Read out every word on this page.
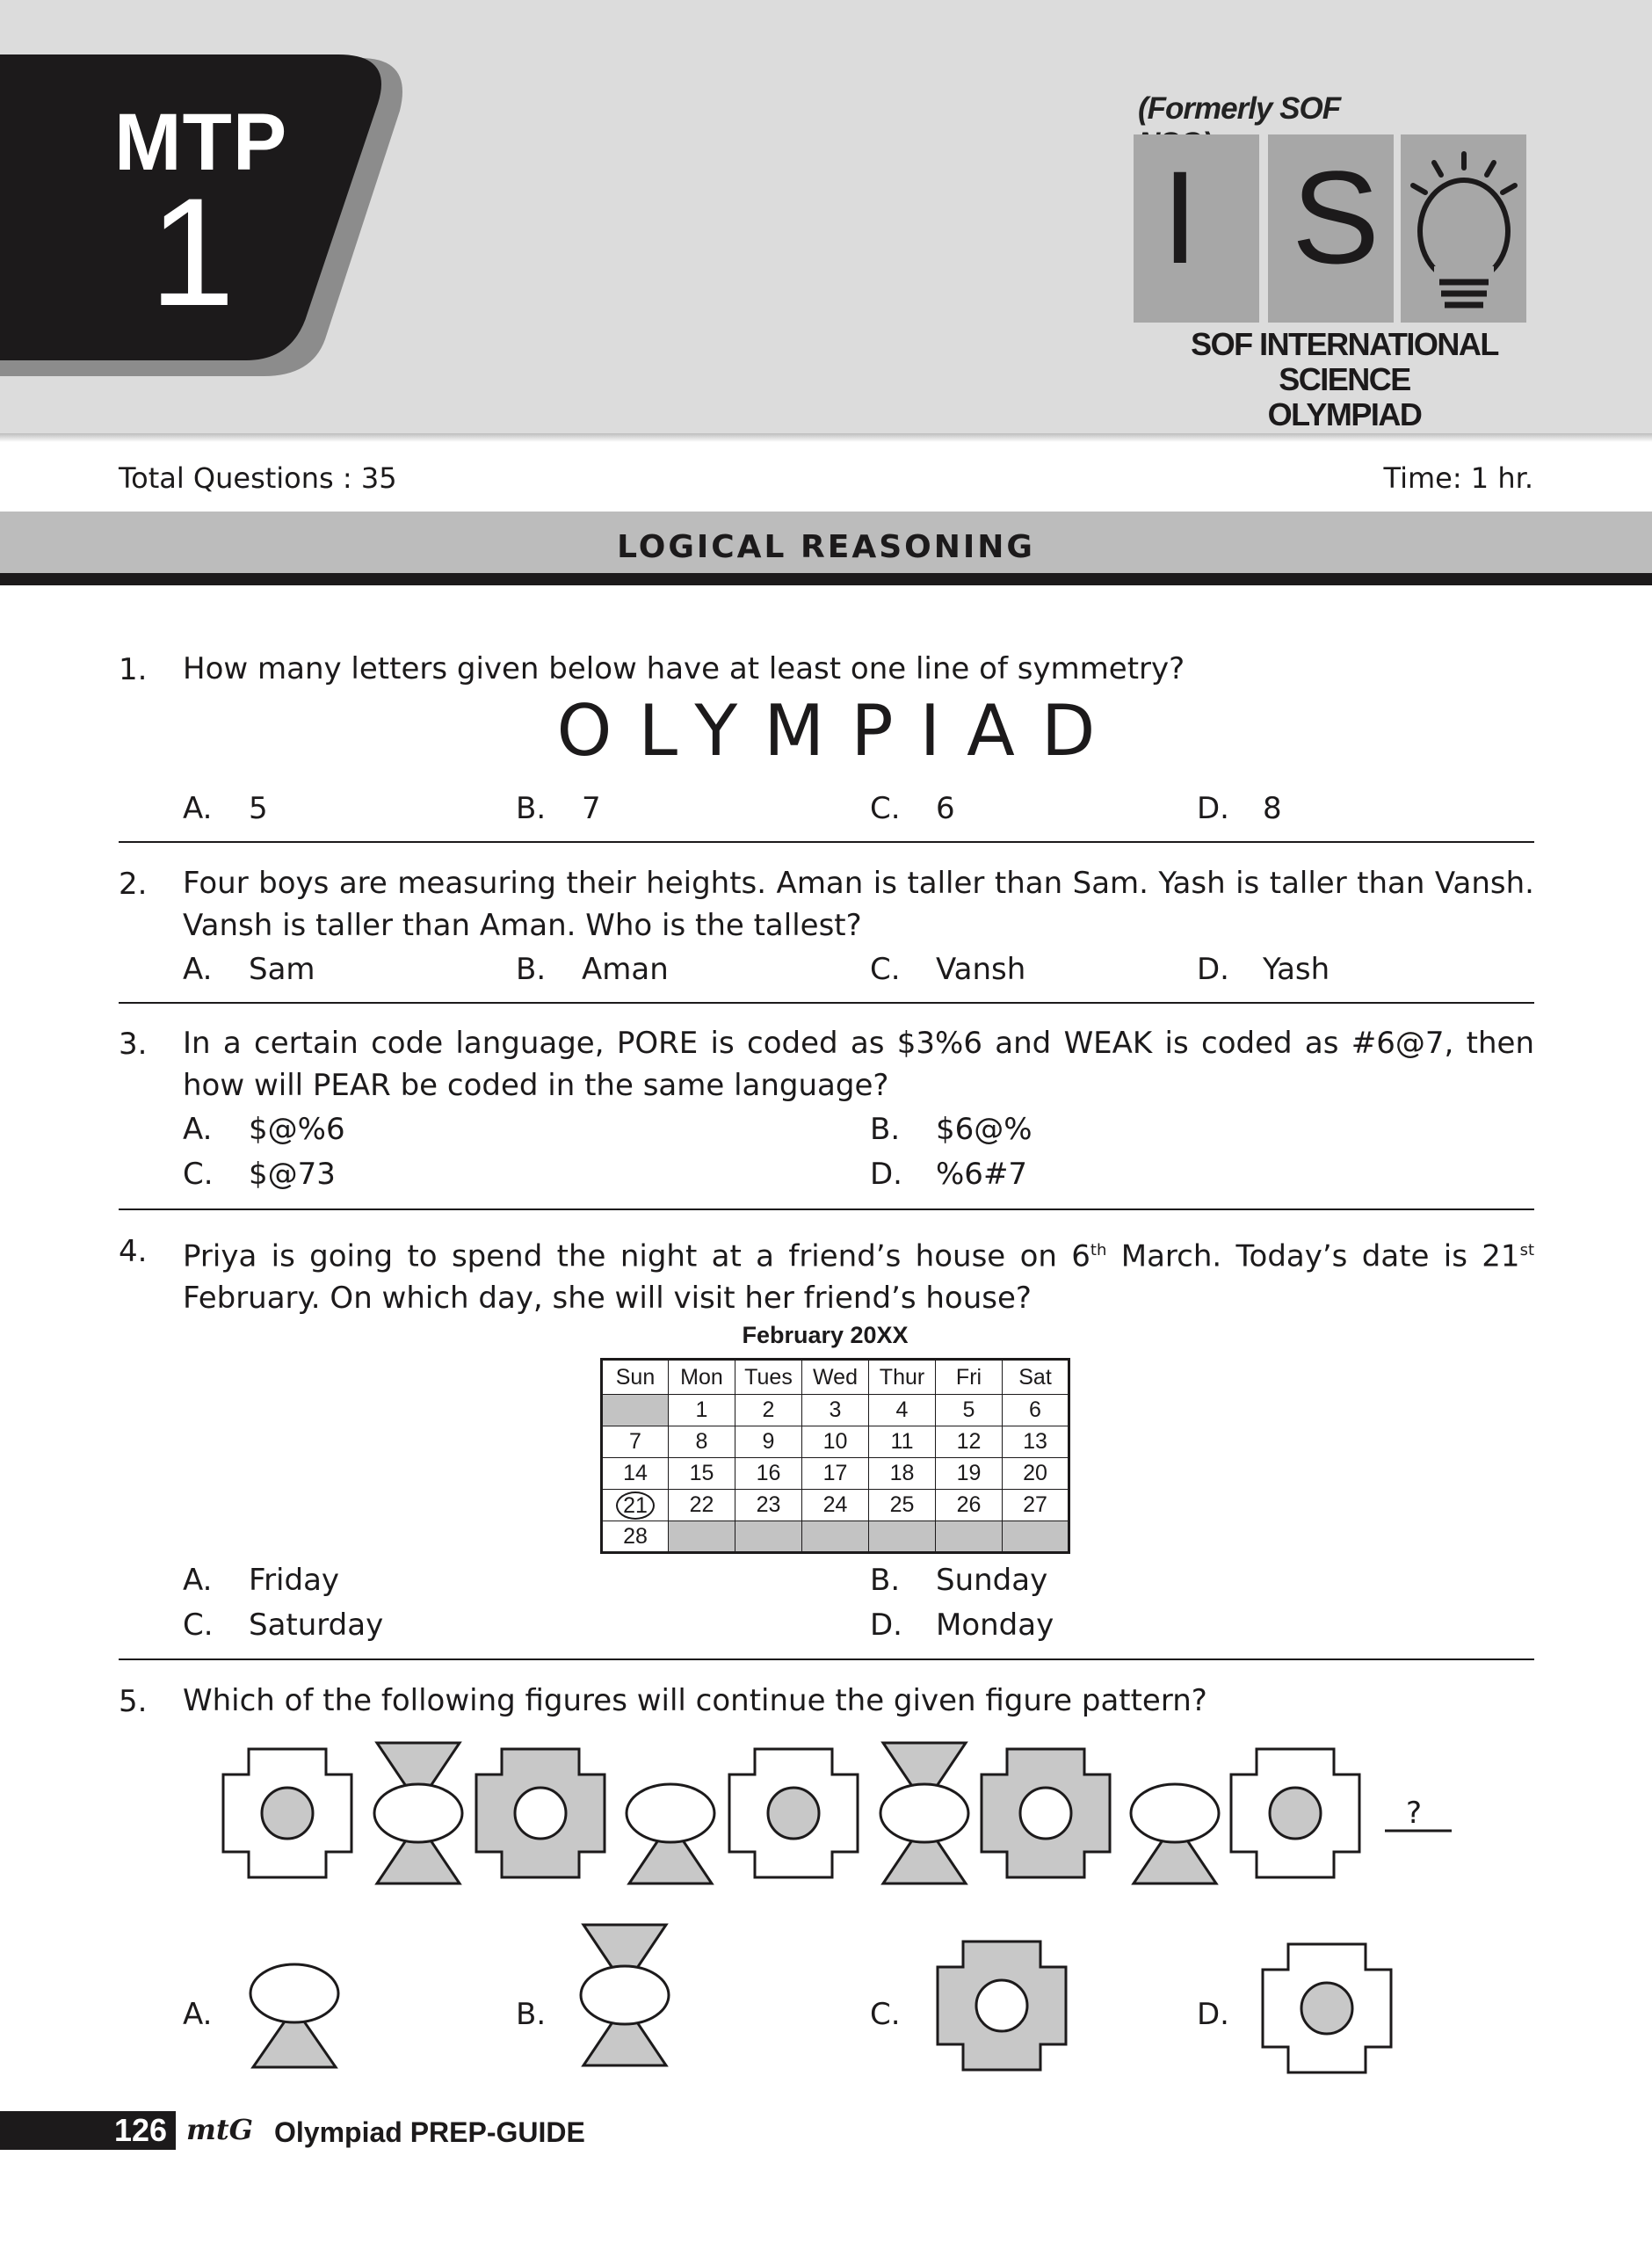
MTP
1
(Formerly SOF
I S
SOF INTERNATIONAL SCIENCE
OLYMPIAD
Total Questions : 35	Time: 1 hr.
LOGICAL REASONING
1. How many letters given below have at least one line of symmetry?
OLYMPIAD
A. 5	B. 7	C. 6	D. 8
2. Four boys are measuring their heights. Aman is taller than Sam. Yash is taller than Vansh. Vansh is taller than Aman. Who is the tallest?
A. Sam	B. Aman	C. Vansh	D. Yash
3. In a certain code language, PORE is coded as $3%6 and WEAK is coded as #6@7, then how will PEAR be coded in the same language?
A. $@%6	B. $6@%
C. $@73	D. %6#7
4. Priya is going to spend the night at a friend’s house on 6th March. Today’s date is 21st February. On which day, she will visit her friend’s house?
February 20XX
Sun	Mon	Tues	Wed	Thur	Fri	Sat
	1	2	3	4	5	6
7	8	9	10	11	12	13
14	15	16	17	18	19	20
21	22	23	24	25	26	27
28						
A. Friday	B. Sunday
C. Saturday	D. Monday
5. Which of the following figures will continue the given figure pattern?
?
A.	B.	C.	D.
126 mtG Olympiad PREP-GUIDE
